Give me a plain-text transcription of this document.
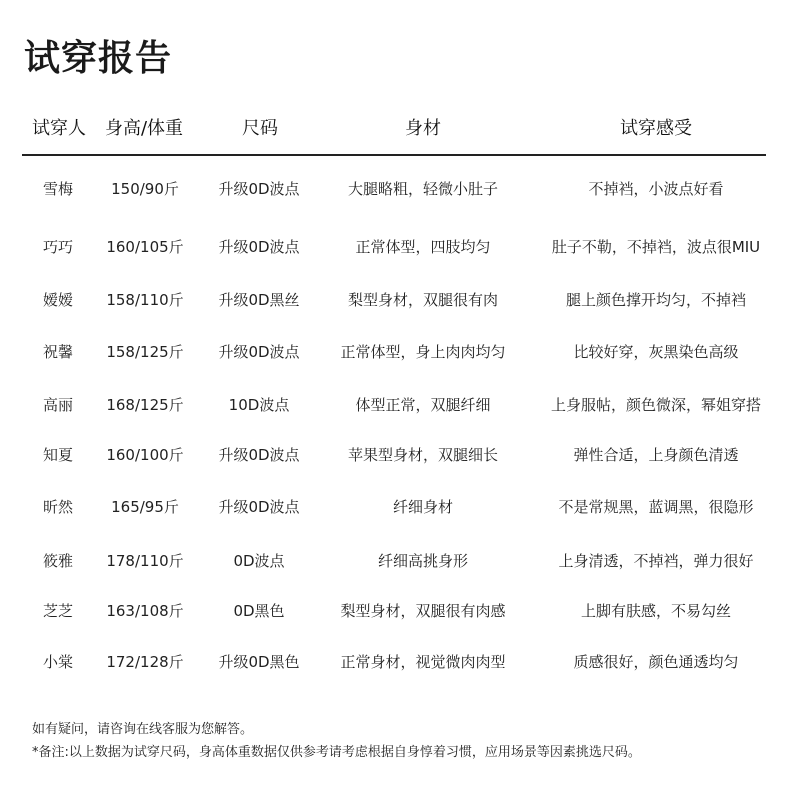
试穿报告
试穿人 身高/体重	尺码	身材	试穿感受
雪梅	150/90斤	升级0D波点	大腿略粗，轻微小肚子	不掉裆，小波点好看
巧巧 160/105斤 升级0D波点	正常体型，四肢均匀	肚子不勒，不掉裆，波点很MIU
嫒嫒 158/110斤 升级0D黑丝	梨型身材，双腿很有肉	腿上颜色撑开均匀，不掉裆
祝馨 158/125斤 升级0D波点	正常体型，身上肉肉均匀	比较好穿，灰黑染色高级
高丽 168/125斤	10D波点	体型正常，双腿纤细	上身服帖，颜色微深，幂姐穿搭
知夏 160/100斤 升级0D波点	苹果型身材，双腿细长	弹性合适，上身颜色清透
昕然	165/95斤	升级0D波点	纤细身材	不是常规黑，蓝调黑，很隐形
筱雅 178/110斤	0D波点	纤细高挑身形	上身清透，不掉裆，弹力很好
芝芝 163/108斤	0D黑色	梨型身材，双腿很有肉感	上脚有肤感，不易勾丝
小棠 172/128斤 升级0D黑色	正常身材，视觉微肉肉型	质感很好，颜色通透均匀
如有疑问，请咨询在线客服为您解答。
*备注:以上数据为试穿尺码，身高体重数据仅供参考请考虑根据自身惇着习惯，应用场景等因素挑选尺码。
